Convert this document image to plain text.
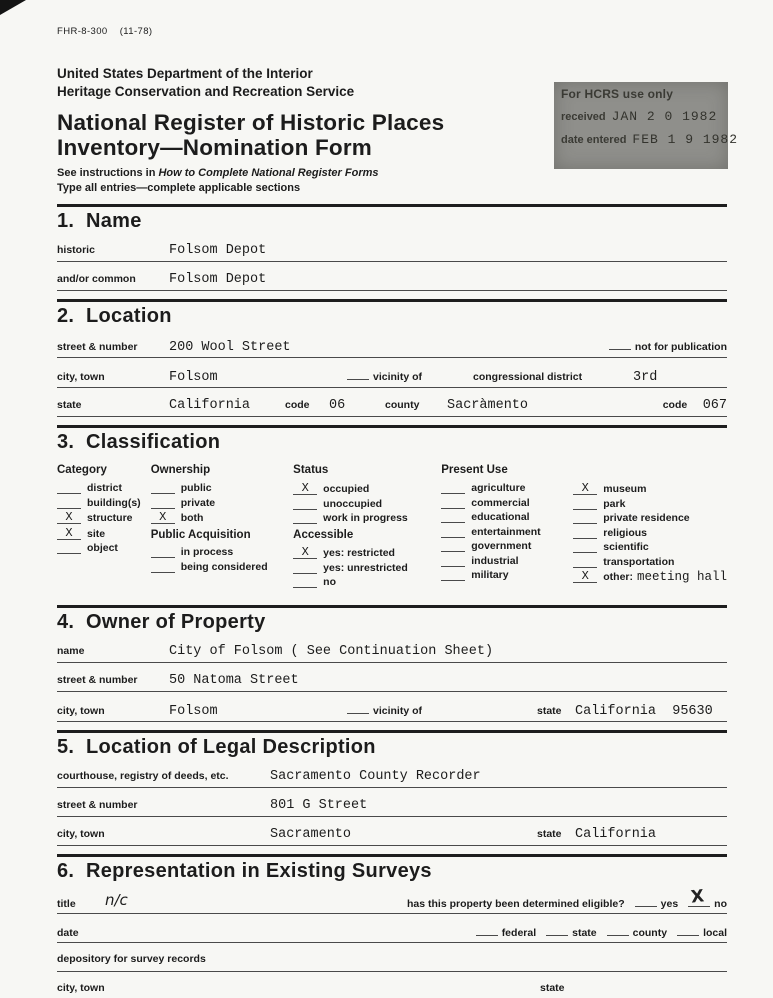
For HCRS use only
received JAN 2 0 1982
date entered FEB 1 9 1982
FHR-8-300    (11-78)
United States Department of the Interior
Heritage Conservation and Recreation Service
National Register of Historic Places
Inventory—Nomination Form
See instructions in How to Complete National Register Forms
Type all entries—complete applicable sections
1.  Name
historic	Folsom Depot
and/or common	Folsom Depot
2.  Location
street & number	200 Wool Street	not for publication
city, town	Folsom	vicinity of	congressional district	3rd
state	California	code	06	county	Sacràmento	code	067
3.  Classification
Category
district
building(s)
X	structure
X	site
object
Ownership
public
private
X	both
Public Acquisition
in process
being considered
Status
X	occupied
unoccupied
work in progress
Accessible
X	yes: restricted
yes: unrestricted
no
Present Use
agriculture
commercial
educational
entertainment
government
industrial
military
X	museum
park
private residence
religious
scientific
transportation
X	other: meeting hall
4.  Owner of Property
name	City of Folsom ( See Continuation Sheet)
street & number	50 Natoma Street
city, town	Folsom	vicinity of	state California  95630
5.  Location of Legal Description
courthouse, registry of deeds, etc.	Sacramento County Recorder
street & number	801 G Street
city, town	Sacramento	state California
6.  Representation in Existing Surveys
title	n/c	has this property been determined eligible?	yes X no
date	federal	state	county	local
depository for survey records
city, town	state
